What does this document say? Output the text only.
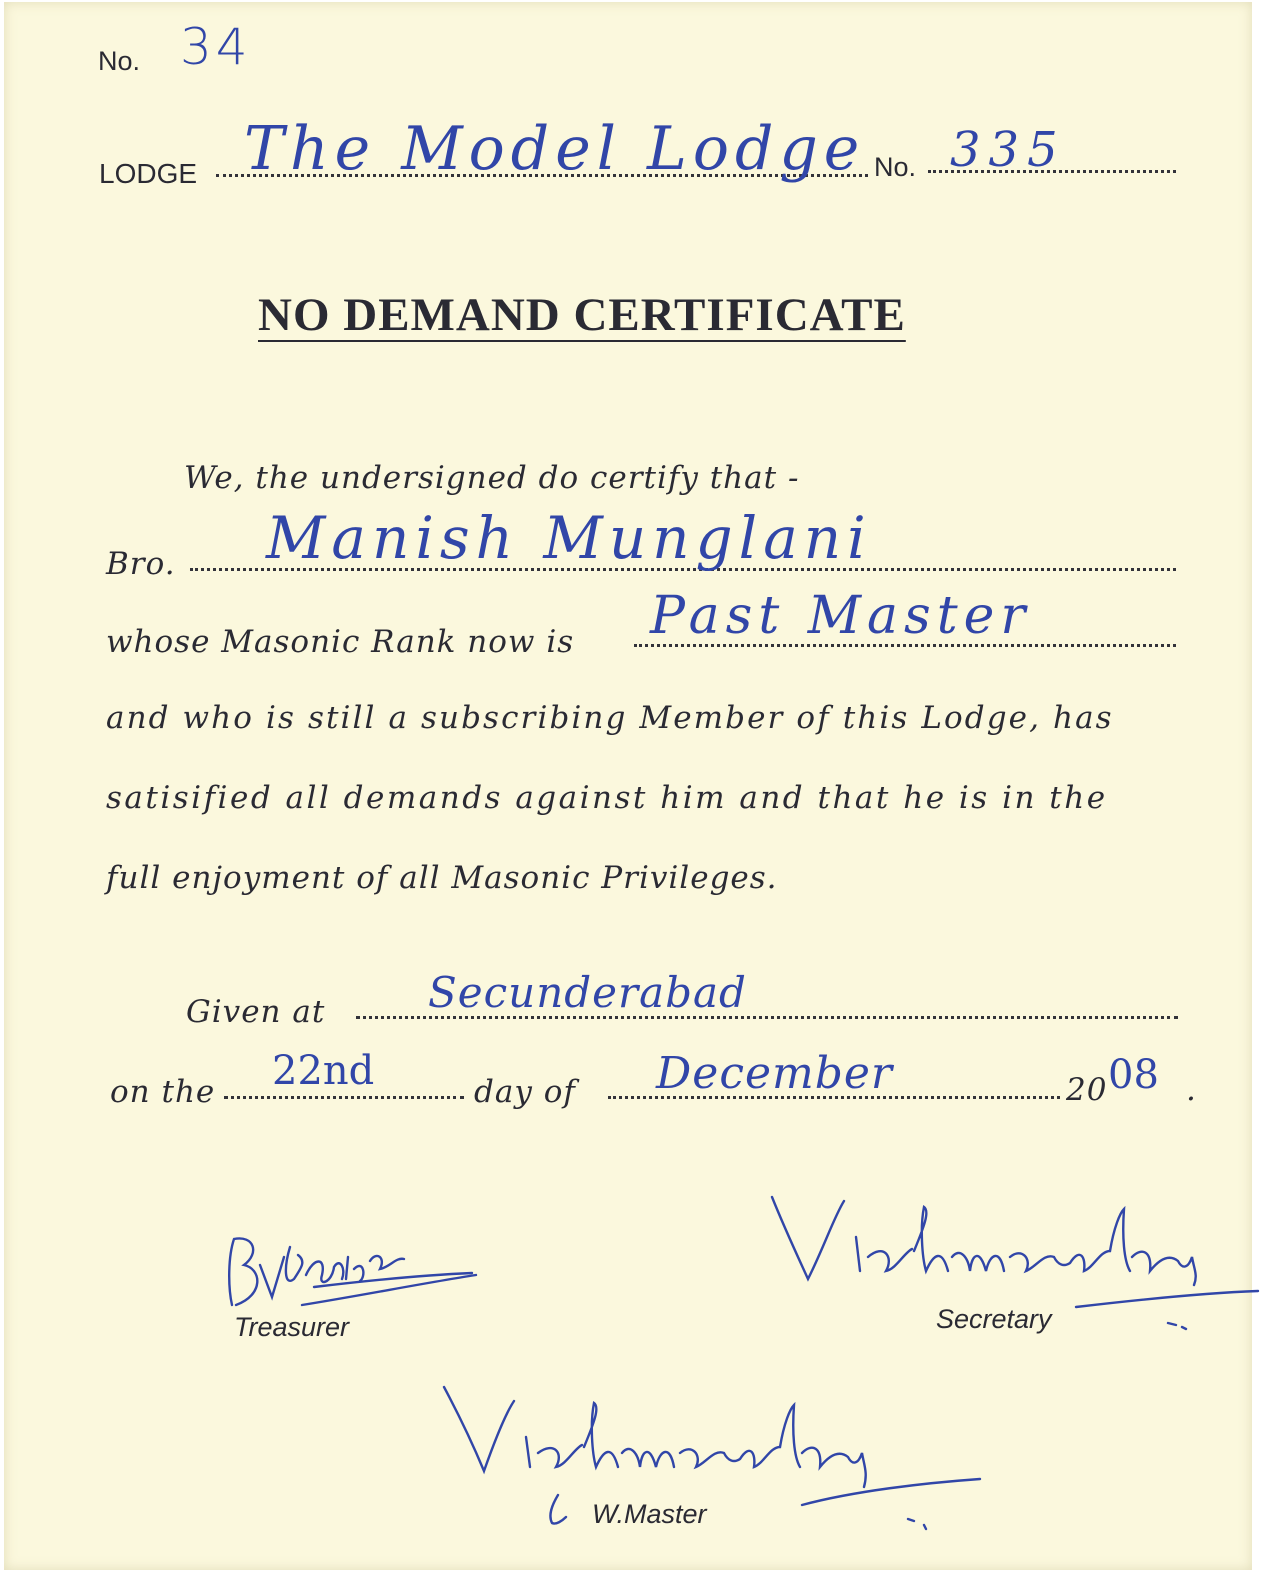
No. 34
LODGE The Model Lodge No. 335
NO DEMAND CERTIFICATE
We, the undersigned do certify that -
Bro. Manish Munglani
whose Masonic Rank now is Past Master
and who is still a subscribing Member of this Lodge, has
satisified all demands against him and that he is in the
full enjoyment of all Masonic Privileges.
Given at Secunderabad
on the 22nd	day of December	20 08 .
Treasurer	Secretary
W.Master
